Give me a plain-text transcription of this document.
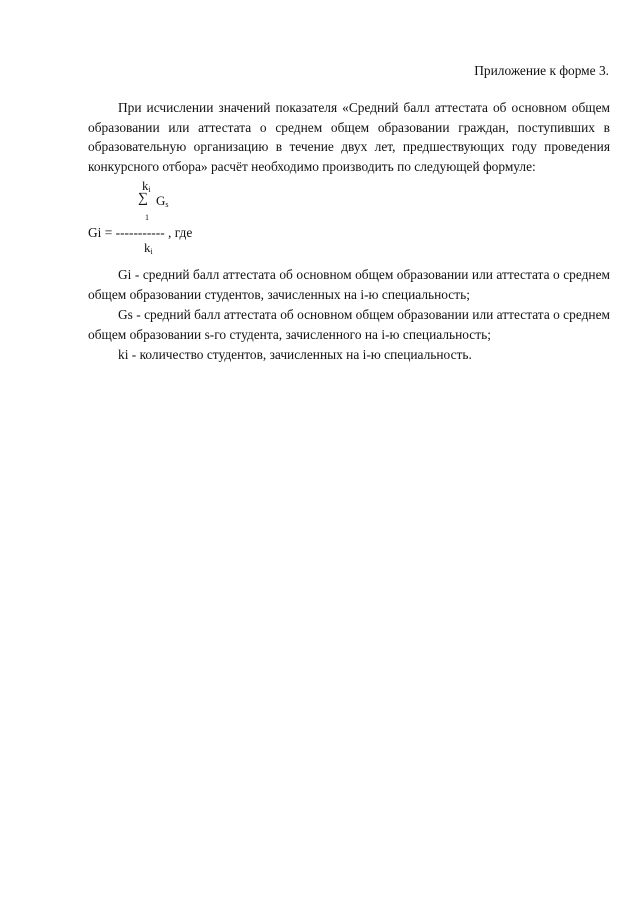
Приложение к форме 3.

При исчислении значений показателя «Средний балл аттестата об основном общем образовании или аттестата о среднем общем образовании граждан, поступивших в образовательную организацию в течение двух лет, предшествующих году проведения конкурсного отбора» расчёт необходимо производить по следующей формуле:

$k_i$
∑ $G_s$
1
Gi = ----------- , где
$k_i$

Gi - средний балл аттестата об основном общем образовании или аттестата о среднем общем образовании студентов, зачисленных на i-ю специальность;

Gs - средний балл аттестата об основном общем образовании или аттестата о среднем общем образовании s-го студента, зачисленного на i-ю специальность;

ki - количество студентов, зачисленных на i-ю специальность.
